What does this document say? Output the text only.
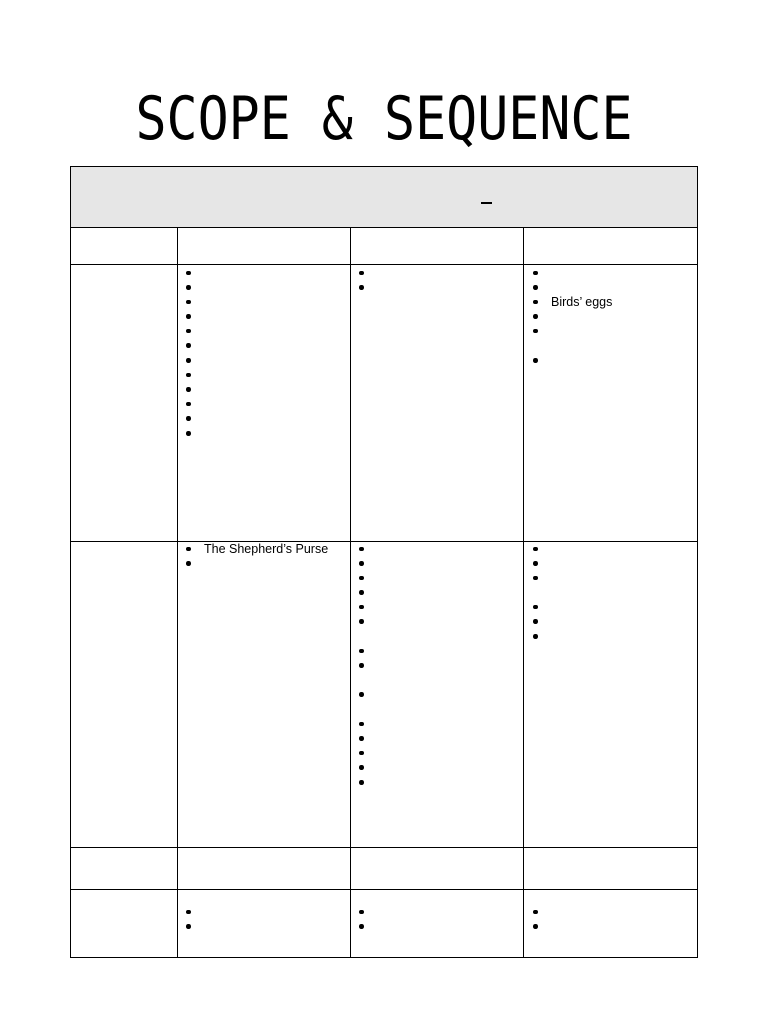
SCOPE & SEQUENCE
Birds’ eggs
The Shepherd’s Purse
